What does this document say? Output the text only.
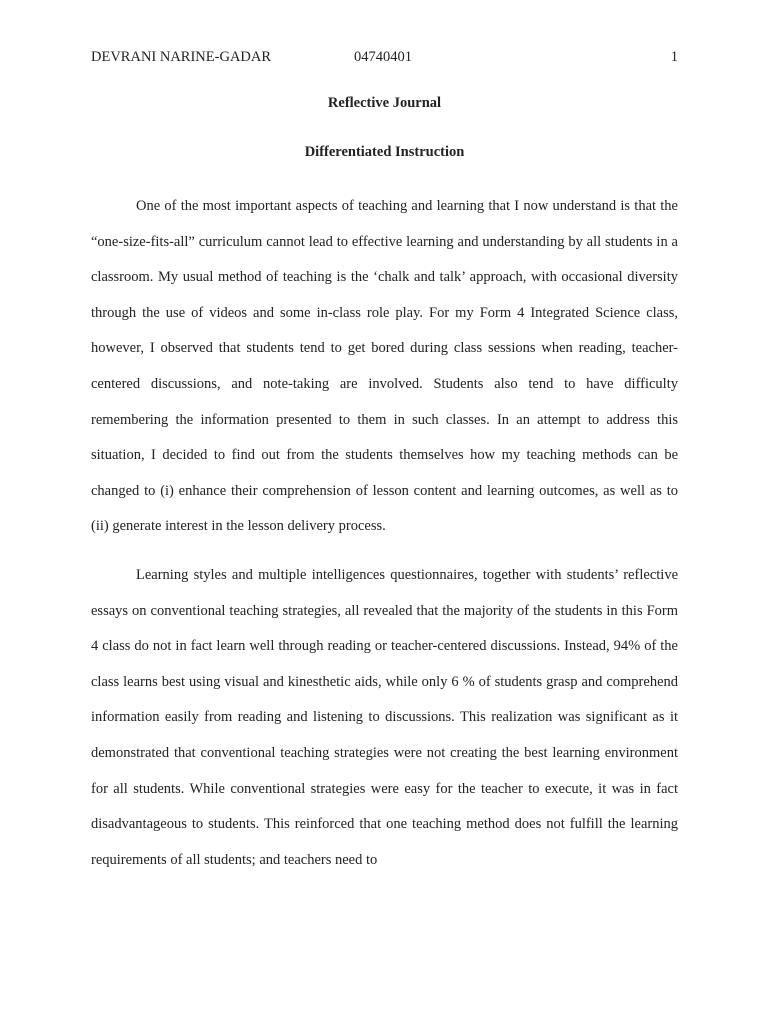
DEVRANI NARINE-GADAR	04740401	1
Reflective Journal
Differentiated Instruction

One of the most important aspects of teaching and learning that I now understand is that the “one-size-fits-all” curriculum cannot lead to effective learning and understanding by all students in a classroom. My usual method of teaching is the ‘chalk and talk’ approach, with occasional diversity through the use of videos and some in-class role play. For my Form 4 Integrated Science class, however, I observed that students tend to get bored during class sessions when reading, teacher-centered discussions, and note-taking are involved. Students also tend to have difficulty remembering the information presented to them in such classes. In an attempt to address this situation, I decided to find out from the students themselves how my teaching methods can be changed to (i) enhance their comprehension of lesson content and learning outcomes, as well as to (ii) generate interest in the lesson delivery process.

Learning styles and multiple intelligences questionnaires, together with students’ reflective essays on conventional teaching strategies, all revealed that the majority of the students in this Form 4 class do not in fact learn well through reading or teacher-centered discussions. Instead, 94% of the class learns best using visual and kinesthetic aids, while only 6 % of students grasp and comprehend information easily from reading and listening to discussions. This realization was significant as it demonstrated that conventional teaching strategies were not creating the best learning environment for all students. While conventional strategies were easy for the teacher to execute, it was in fact disadvantageous to students. This reinforced that one teaching method does not fulfill the learning requirements of all students; and teachers need to
